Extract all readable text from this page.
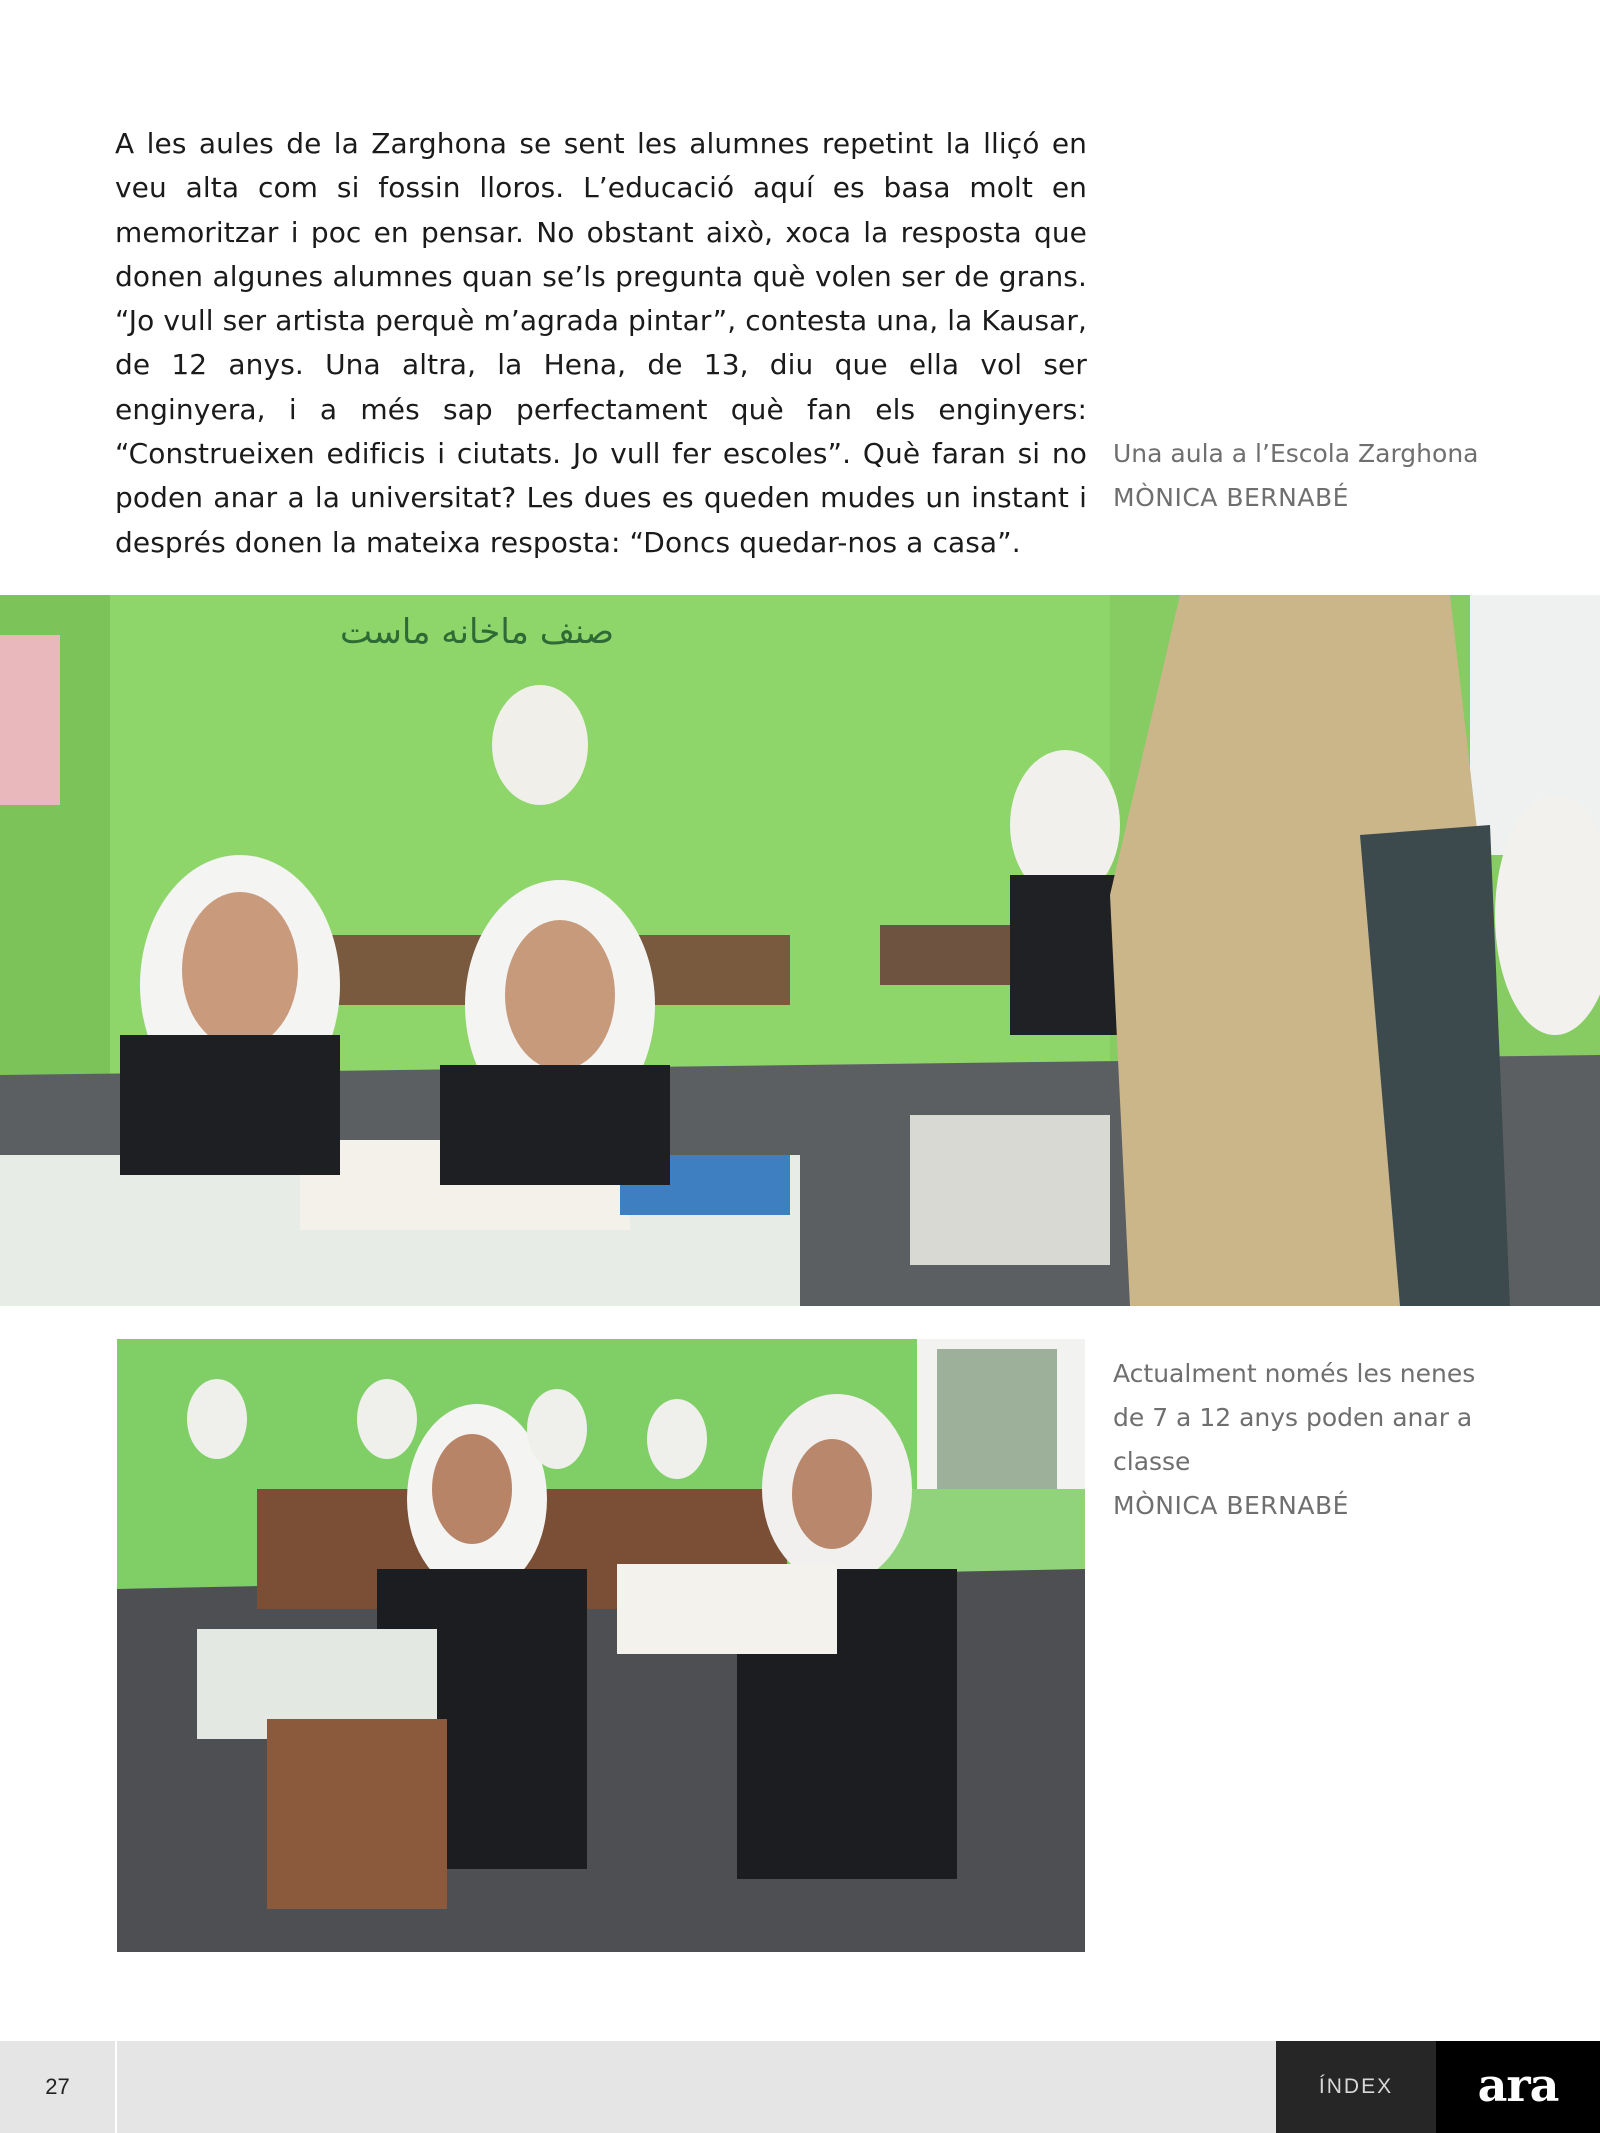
A les aules de la Zarghona se sent les alumnes repetint la lliçó en veu alta com si fossin lloros. L’educació aquí es basa molt en memoritzar i poc en pensar. No obstant això, xoca la resposta que donen algunes alumnes quan se’ls pregunta què volen ser de grans. “Jo vull ser artista perquè m’agrada pintar”, contesta una, la Kausar, de 12 anys. Una altra, la Hena, de 13, diu que ella vol ser enginyera, i a més sap perfectament què fan els enginyers: “Construeixen edificis i ciutats. Jo vull fer escoles”. Què faran si no poden anar a la universitat? Les dues es queden mudes un instant i després donen la mateixa resposta: “Doncs quedar-nos a casa”.

Una aula a l’Escola Zarghona
MÒNICA BERNABÉ
صنف ماخانه ماست
Actualment només les nenes de 7 a 12 anys poden anar a classe
MÒNICA BERNABÉ
27	ÍNDEX	ara
